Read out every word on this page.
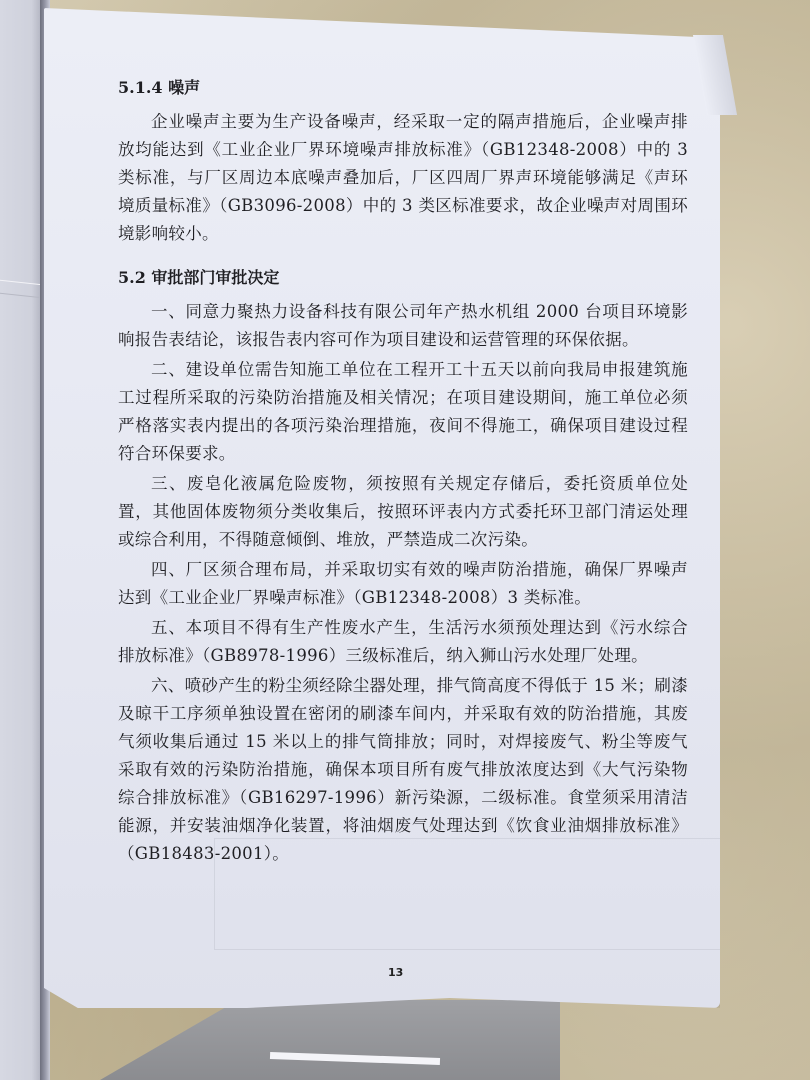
5.1.4 噪声

企业噪声主要为生产设备噪声，经采取一定的隔声措施后，企业噪声排放均能达到《工业企业厂界环境噪声排放标准》（GB12348-2008）中的 3 类标准，与厂区周边本底噪声叠加后，厂区四周厂界声环境能够满足《声环境质量标准》（GB3096-2008）中的 3 类区标准要求，故企业噪声对周围环境影响较小。

5.2 审批部门审批决定

一、同意力聚热力设备科技有限公司年产热水机组 2000 台项目环境影响报告表结论，该报告表内容可作为项目建设和运营管理的环保依据。

二、建设单位需告知施工单位在工程开工十五天以前向我局申报建筑施工过程所采取的污染防治措施及相关情况；在项目建设期间，施工单位必须严格落实表内提出的各项污染治理措施，夜间不得施工，确保项目建设过程符合环保要求。

三、废皂化液属危险废物，须按照有关规定存储后，委托资质单位处置，其他固体废物须分类收集后，按照环评表内方式委托环卫部门清运处理或综合利用，不得随意倾倒、堆放，严禁造成二次污染。

四、厂区须合理布局，并采取切实有效的噪声防治措施，确保厂界噪声达到《工业企业厂界噪声标准》（GB12348-2008）3 类标准。

五、本项目不得有生产性废水产生，生活污水须预处理达到《污水综合排放标准》（GB8978-1996）三级标准后，纳入狮山污水处理厂处理。

六、喷砂产生的粉尘须经除尘器处理，排气筒高度不得低于 15 米；刷漆及晾干工序须单独设置在密闭的刷漆车间内，并采取有效的防治措施，其废气须收集后通过 15 米以上的排气筒排放；同时，对焊接废气、粉尘等废气采取有效的污染防治措施，确保本项目所有废气排放浓度达到《大气污染物综合排放标准》（GB16297-1996）新污染源，二级标准。食堂须采用清洁能源，并安装油烟净化装置，将油烟废气处理达到《饮食业油烟排放标准》（GB18483-2001）。

13
